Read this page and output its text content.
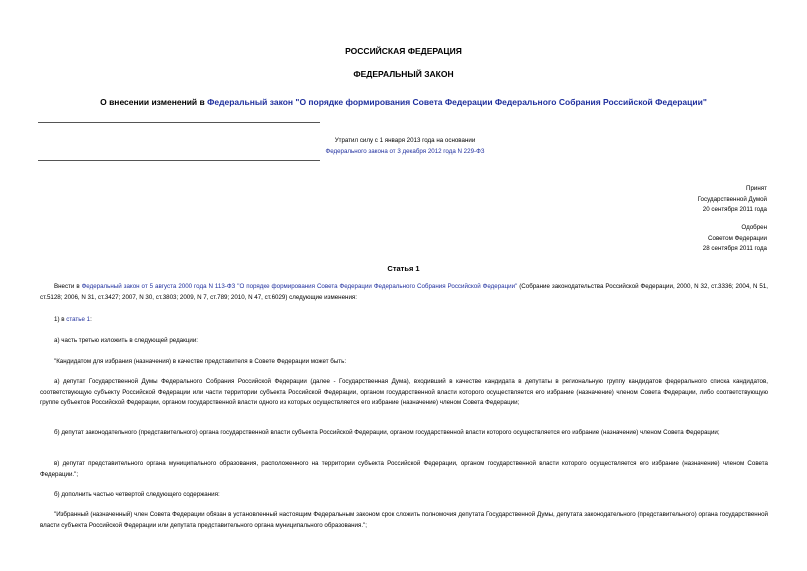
РОССИЙСКАЯ ФЕДЕРАЦИЯ
ФЕДЕРАЛЬНЫЙ ЗАКОН
О внесении изменений в Федеральный закон "О порядке формирования Совета Федерации Федерального Собрания Российской Федерации"
Утратил силу с 1 января 2013 года на основании
Федерального закона от 3 декабря 2012 года N 229-ФЗ
Принят
Государственной Думой
20 сентября 2011 года
Одобрен
Советом Федерации
28 сентября 2011 года
Статья 1
Внести в Федеральный закон от 5 августа 2000 года N 113-ФЗ "О порядке формирования Совета Федерации Федерального Собрания Российской Федерации" (Собрание законодательства Российской Федерации, 2000, N 32, ст.3336; 2004, N 51, ст.5128; 2006, N 31, ст.3427; 2007, N 30, ст.3803; 2009, N 7, ст.789; 2010, N 47, ст.6029) следующие изменения:
1) в статье 1:
а) часть третью изложить в следующей редакции:
"Кандидатом для избрания (назначения) в качестве представителя в Совете Федерации может быть:
а) депутат Государственной Думы Федерального Собрания Российской Федерации (далее - Государственная Дума), входивший в качестве кандидата в депутаты в региональную группу кандидатов федерального списка кандидатов, соответствующую субъекту Российской Федерации или части территории субъекта Российской Федерации, органом государственной власти которого осуществляется его избрание (назначение) членом Совета Федерации, либо соответствующую группе субъектов Российской Федерации, органом государственной власти одного из которых осуществляется его избрание (назначение) членом Совета Федерации;
б) депутат законодательного (представительного) органа государственной власти субъекта Российской Федерации, органом государственной власти которого осуществляется его избрание (назначение) членом Совета Федерации;
в) депутат представительного органа муниципального образования, расположенного на территории субъекта Российской Федерации, органом государственной власти которого осуществляется его избрание (назначение) членом Совета Федерации.";
б) дополнить частью четвертой следующего содержания:
"Избранный (назначенный) член Совета Федерации обязан в установленный настоящим Федеральным законом срок сложить полномочия депутата Государственной Думы, депутата законодательного (представительного) органа государственной власти субъекта Российской Федерации или депутата представительного органа муниципального образования.";
